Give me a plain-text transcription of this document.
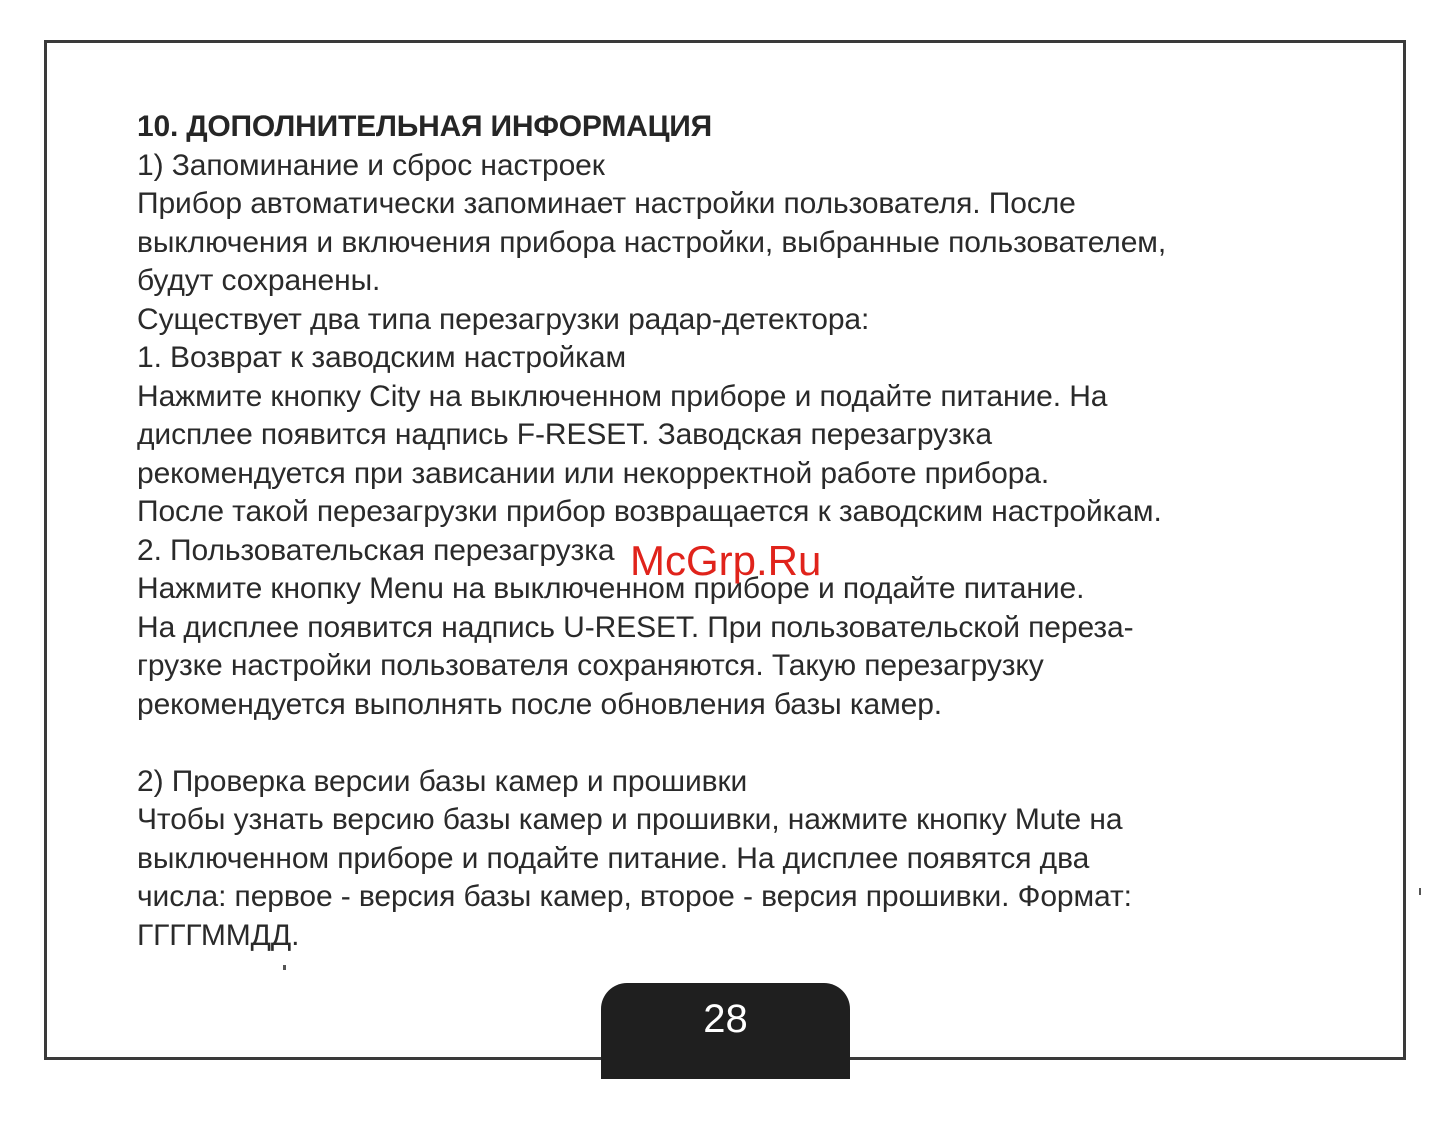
10. ДОПОЛНИТЕЛЬНАЯ ИНФОРМАЦИЯ

1) Запоминание и сброс настроек

Прибор автоматически запоминает настройки пользователя. После

выключения и включения прибора настройки, выбранные пользователем,

будут сохранены.

Существует два типа перезагрузки радар-детектора:

1. Возврат к заводским настройкам

Нажмите кнопку City на выключенном приборе и подайте питание. На

дисплее появится надпись F-RESET. Заводская перезагрузка

рекомендуется при зависании или некорректной работе прибора.

После такой перезагрузки прибор возвращается к заводским настройкам.

2. Пользовательская перезагрузка

Нажмите кнопку Menu на выключенном приборе и подайте питание.

На дисплее появится надпись U-RESET. При пользовательской переза-

грузке настройки пользователя сохраняются. Такую перезагрузку

рекомендуется выполнять после обновления базы камер.

2) Проверка версии базы камер и прошивки

Чтобы узнать версию базы камер и прошивки, нажмите кнопку Mute на

выключенном приборе и подайте питание. На дисплее появятся два

числа: первое - версия базы камер, второе - версия прошивки. Формат:

ГГГГММДД.

McGrp.Ru
28
